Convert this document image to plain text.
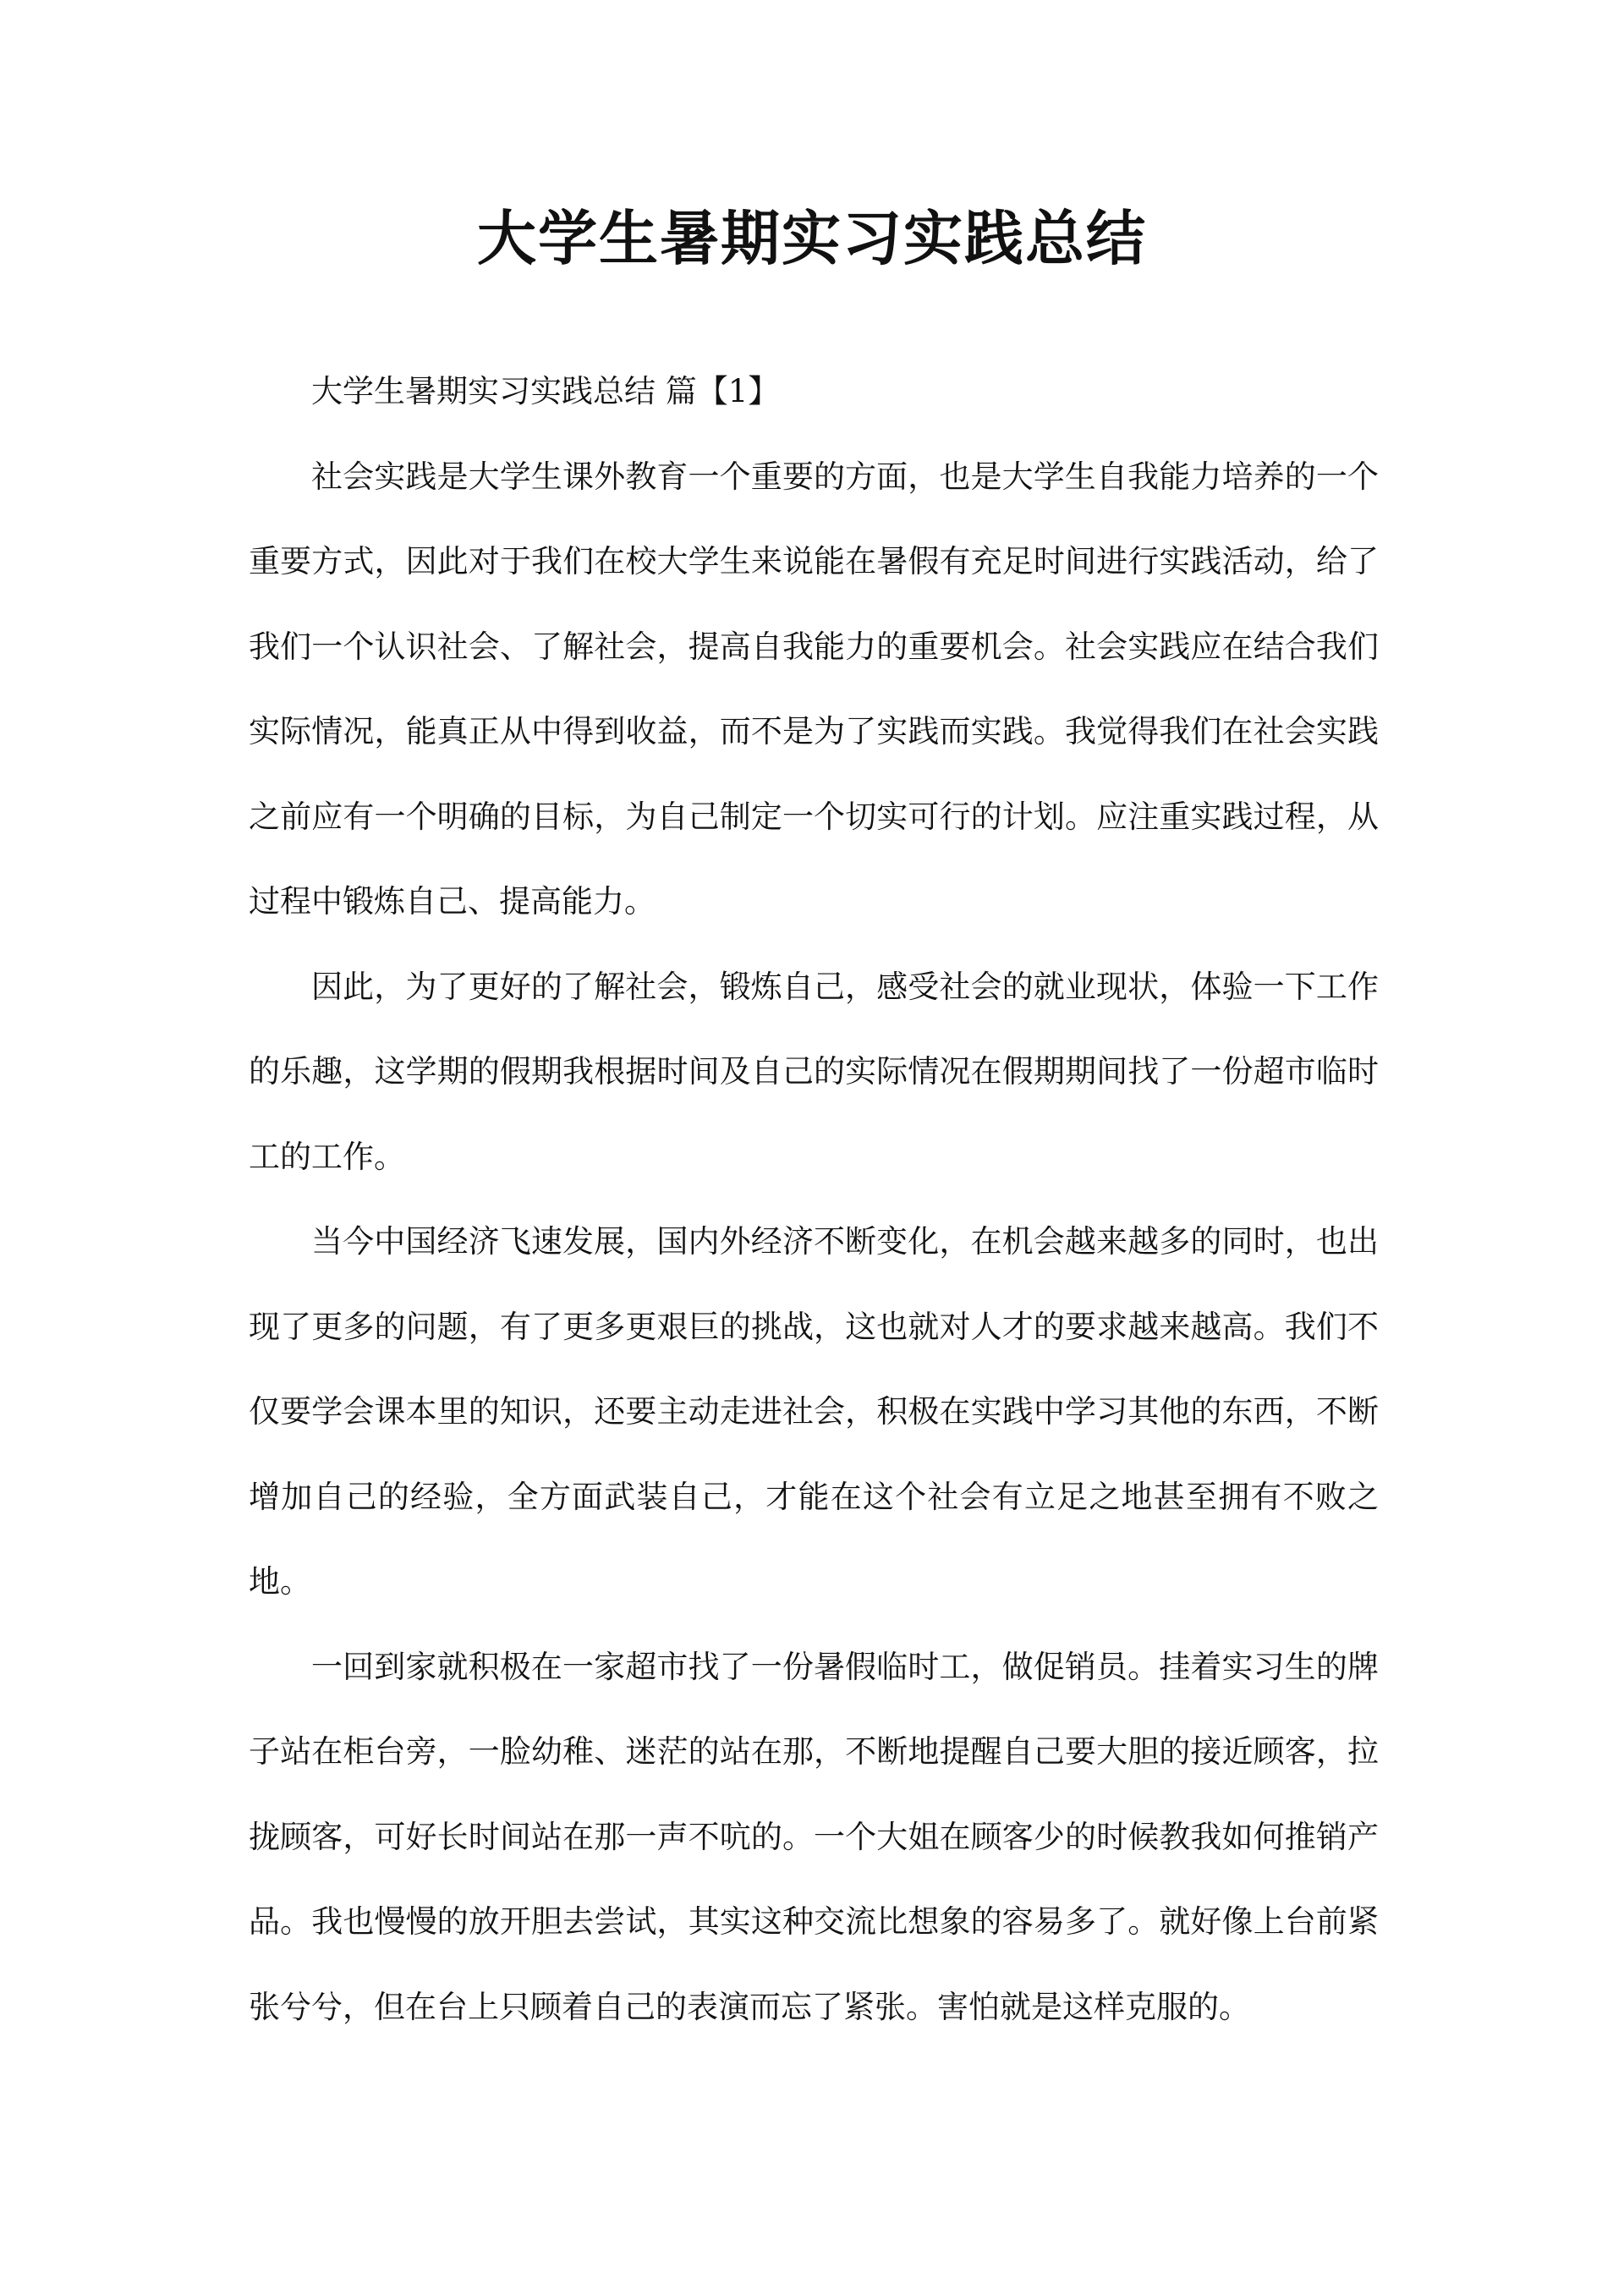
大学生暑期实习实践总结

大学生暑期实习实践总结 篇【1】

社会实践是大学生课外教育一个重要的方面，也是大学生自我能力培养的一个重要方式，因此对于我们在校大学生来说能在暑假有充足时间进行实践活动，给了我们一个认识社会、了解社会，提高自我能力的重要机会。社会实践应在结合我们实际情况，能真正从中得到收益，而不是为了实践而实践。我觉得我们在社会实践之前应有一个明确的目标，为自己制定一个切实可行的计划。应注重实践过程，从过程中锻炼自己、提高能力。

因此，为了更好的了解社会，锻炼自己，感受社会的就业现状，体验一下工作的乐趣，这学期的假期我根据时间及自己的实际情况在假期期间找了一份超市临时工的工作。

当今中国经济飞速发展，国内外经济不断变化，在机会越来越多的同时，也出现了更多的问题，有了更多更艰巨的挑战，这也就对人才的要求越来越高。我们不仅要学会课本里的知识，还要主动走进社会，积极在实践中学习其他的东西，不断增加自己的经验，全方面武装自己，才能在这个社会有立足之地甚至拥有不败之地。

一回到家就积极在一家超市找了一份暑假临时工，做促销员。挂着实习生的牌子站在柜台旁，一脸幼稚、迷茫的站在那，不断地提醒自己要大胆的接近顾客，拉拢顾客，可好长时间站在那一声不吭的。一个大姐在顾客少的时候教我如何推销产品。我也慢慢的放开胆去尝试，其实这种交流比想象的容易多了。就好像上台前紧张兮兮，但在台上只顾着自己的表演而忘了紧张。害怕就是这样克服的。
